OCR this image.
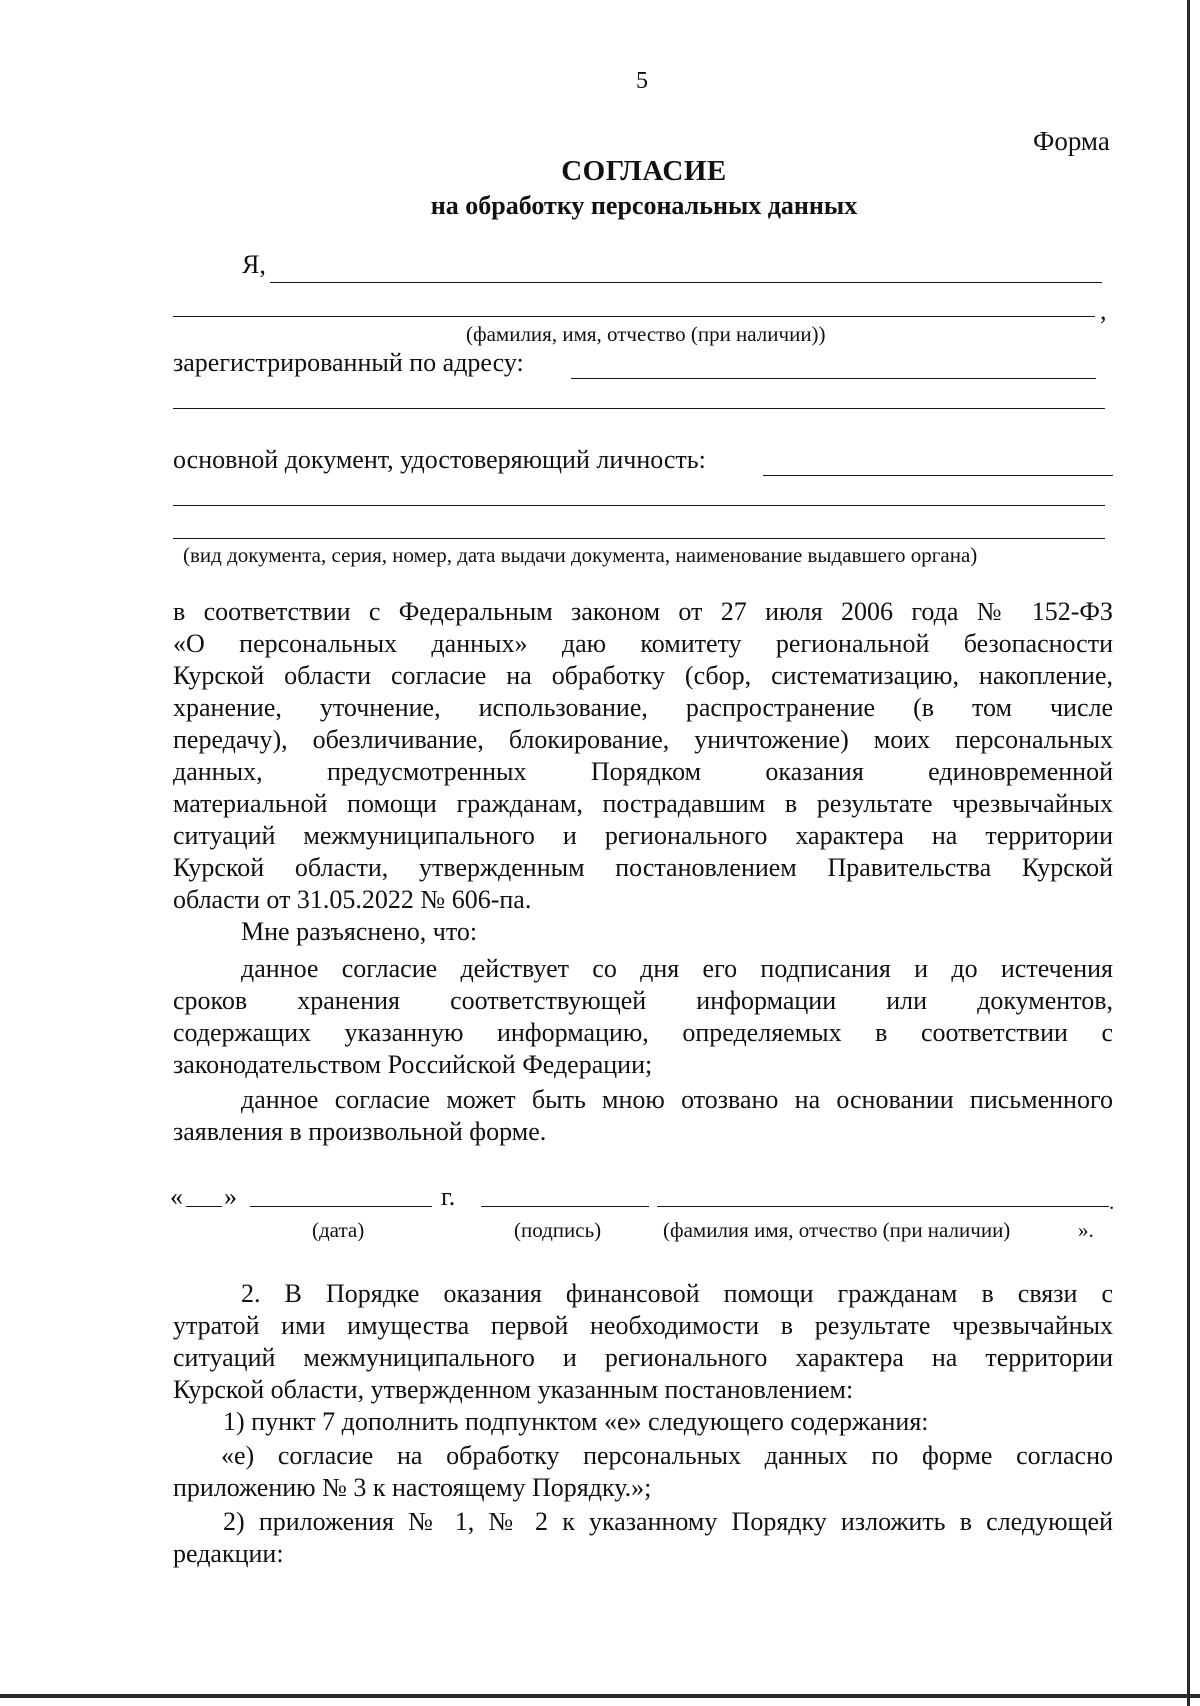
5
Форма
СОГЛАСИЕ
на обработку персональных данных
Я,
,
(фамилия, имя, отчество (при наличии))
зарегистрированный по адресу:
основной документ, удостоверяющий личность:
(вид документа, серия, номер, дата выдачи документа, наименование выдавшего органа)
в соответствии с Федеральным законом от 27 июля 2006 года № 152-ФЗ
«О персональных данных» даю комитету региональной безопасности
Курской области согласие на обработку (сбор, систематизацию, накопление,
хранение, уточнение, использование, распространение (в том числе
передачу), обезличивание, блокирование, уничтожение) моих персональных
данных, предусмотренных Порядком оказания единовременной
материальной помощи гражданам, пострадавшим в результате чрезвычайных
ситуаций межмуниципального и регионального характера на территории
Курской области, утвержденным постановлением Правительства Курской
области от 31.05.2022 № 606-па.
Мне разъяснено, что:
данное согласие действует со дня его подписания и до истечения
сроков хранения соответствующей информации или документов,
содержащих указанную информацию, определяемых в соответствии с
законодательством Российской Федерации;
данное согласие может быть мною отозвано на основании письменного
заявления в произвольной форме.
« »	г.	.
(дата)	(подпись)	(фамилия имя, отчество (при наличии)	».
2. В Порядке оказания финансовой помощи гражданам в связи с
утратой ими имущества первой необходимости в результате чрезвычайных
ситуаций межмуниципального и регионального характера на территории
Курской области, утвержденном указанным постановлением:
1) пункт 7 дополнить подпунктом «е» следующего содержания:
«е) согласие на обработку персональных данных по форме согласно
приложению № 3 к настоящему Порядку.»;
2) приложения № 1, № 2 к указанному Порядку изложить в следующей
редакции:
